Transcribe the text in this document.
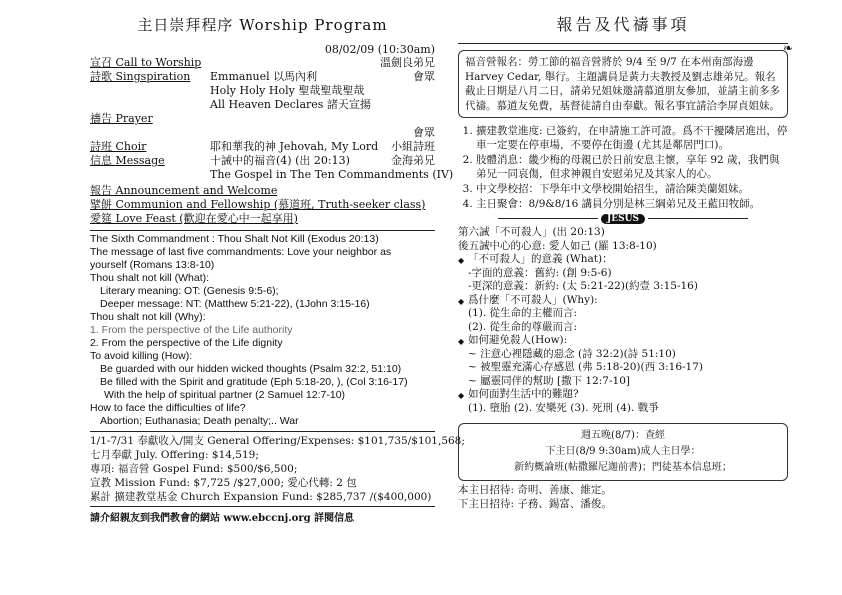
主日崇拜程序 Worship Program
08/02/09 (10:30am)
宣召 Call to Worship	溫劍良弟兄
詩歌 Singspiration Emmanuel 以馬內利	會眾
Holy Holy Holy 聖哉聖哉聖哉
All Heaven Declares 諸天宣揚
禱告 Prayer
會眾
詩班 Choir	耶和華我的神 Jehovah, My Lord 小組詩班
信息 Message	十誡中的福音(4) (出 20:13)	金海弟兄
The Gospel in The Ten Commandments (IV)
報告 Announcement and Welcome
擘餅 Communion and Fellowship (慕道班, Truth-seeker class)
愛筵 Love Feast (歡迎在愛心中一起享用)
The Sixth Commandment : Thou Shalt Not Kill (Exodus 20:13)
The message of last five commandments: Love your neighbor as
yourself (Romans 13:8-10)
Thou shalt not kill (What):
Literary meaning: OT: (Genesis 9:5-6);
Deeper message: NT: (Matthew 5:21-22), (1John 3:15-16)
Thou shalt not kill (Why):
1. From the perspective of the Life authority
2. From the perspective of the Life dignity
To avoid killing (How):
Be guarded with our hidden wicked thoughts (Psalm 32:2, 51:10)
Be filled with the Spirit and gratitude (Eph 5:18-20, ), (Col 3:16-17)
With the help of spiritual partner (2 Samuel 12:7-10)
How to face the difficulties of life?
Abortion; Euthanasia; Death penalty;.. War
1/1-7/31 奉獻收入/開支 General Offering/Expenses: $101,735/$101,568;
七月奉獻 July. Offering: $14,519;
專項: 福音營 Gospel Fund: $500/$6,500;
宣教 Mission Fund: $7,725 /$27,000; 愛心代轉: 2 包
累計 擴建教堂基金 Church Expansion Fund: $285,737 /($400,000)
請介紹親友到我們教會的網站 www.ebccnj.org 詳閱信息
報告及代禱事項
❧
福音營報名：勞工節的福音營將於 9/4 至 9/7 在本州南部海邊 Harvey Cedar, 舉行。主題講員是黃力夫教授及劉志雄弟兄。報名截止日期是八月二日，請弟兄姐妹邀請慕道朋友參加，並請主前多多代禱。慕道友免費，基督徒請自由奉獻。報名事宜請洽李屏貞姐妹。
1. 擴建教堂進度: 已簽約，在申請施工許可證。爲不干擾隣居進出，停車一定要在停車場，不要停在街邊 (尤其是鄰居門口)。
2. 肢體消息：畿少梅的母親已於日前安息主懷，享年 92 歲，我們與弟兄一同哀傷，但求神親自安慰弟兄及其家人的心。
3. 中文學校招：下學年中文學校開始招生，請洽陳美蘭姐妹。
4. 主日聚會：8/9&8/16 講員分別是林三綱弟兄及王藍田牧師。
JESUS
第六誡「不可殺人」(出 20:13)
後五誡中心的心意: 愛人如己 (羅 13:8-10)
◆ 「不可殺人」的意義 (What)：
-字面的意義：舊約: (創 9:5-6)
-更深的意義：新約: (太 5:21-22)(約壹 3:15-16)
◆ 爲什麼「不可殺人」(Why):
(1). 從生命的主權而言:
(2). 從生命的尊嚴而言:
◆ 如何避免殺人(How):
~ 注意心裡隱藏的惡念 (詩 32:2)(詩 51:10)
~ 被聖靈充滿心存感恩 (弗 5:18-20)(西 3:16-17)
~ 屬靈同伴的幫助 [撒下 12:7-10]
◆ 如何面對生活中的難題?
(1). 墮胎 (2). 安樂死 (3). 死刑 (4). 戰爭
週五晚(8/7)：查經
下主日(8/9 9:30am)成人主日學：
新約概論班(帖撒羅尼迦前書)；門徒基本信息班；
本主日招待: 奇明、善康、維定。
下主日招待: 子務、錫富、潘俊。
